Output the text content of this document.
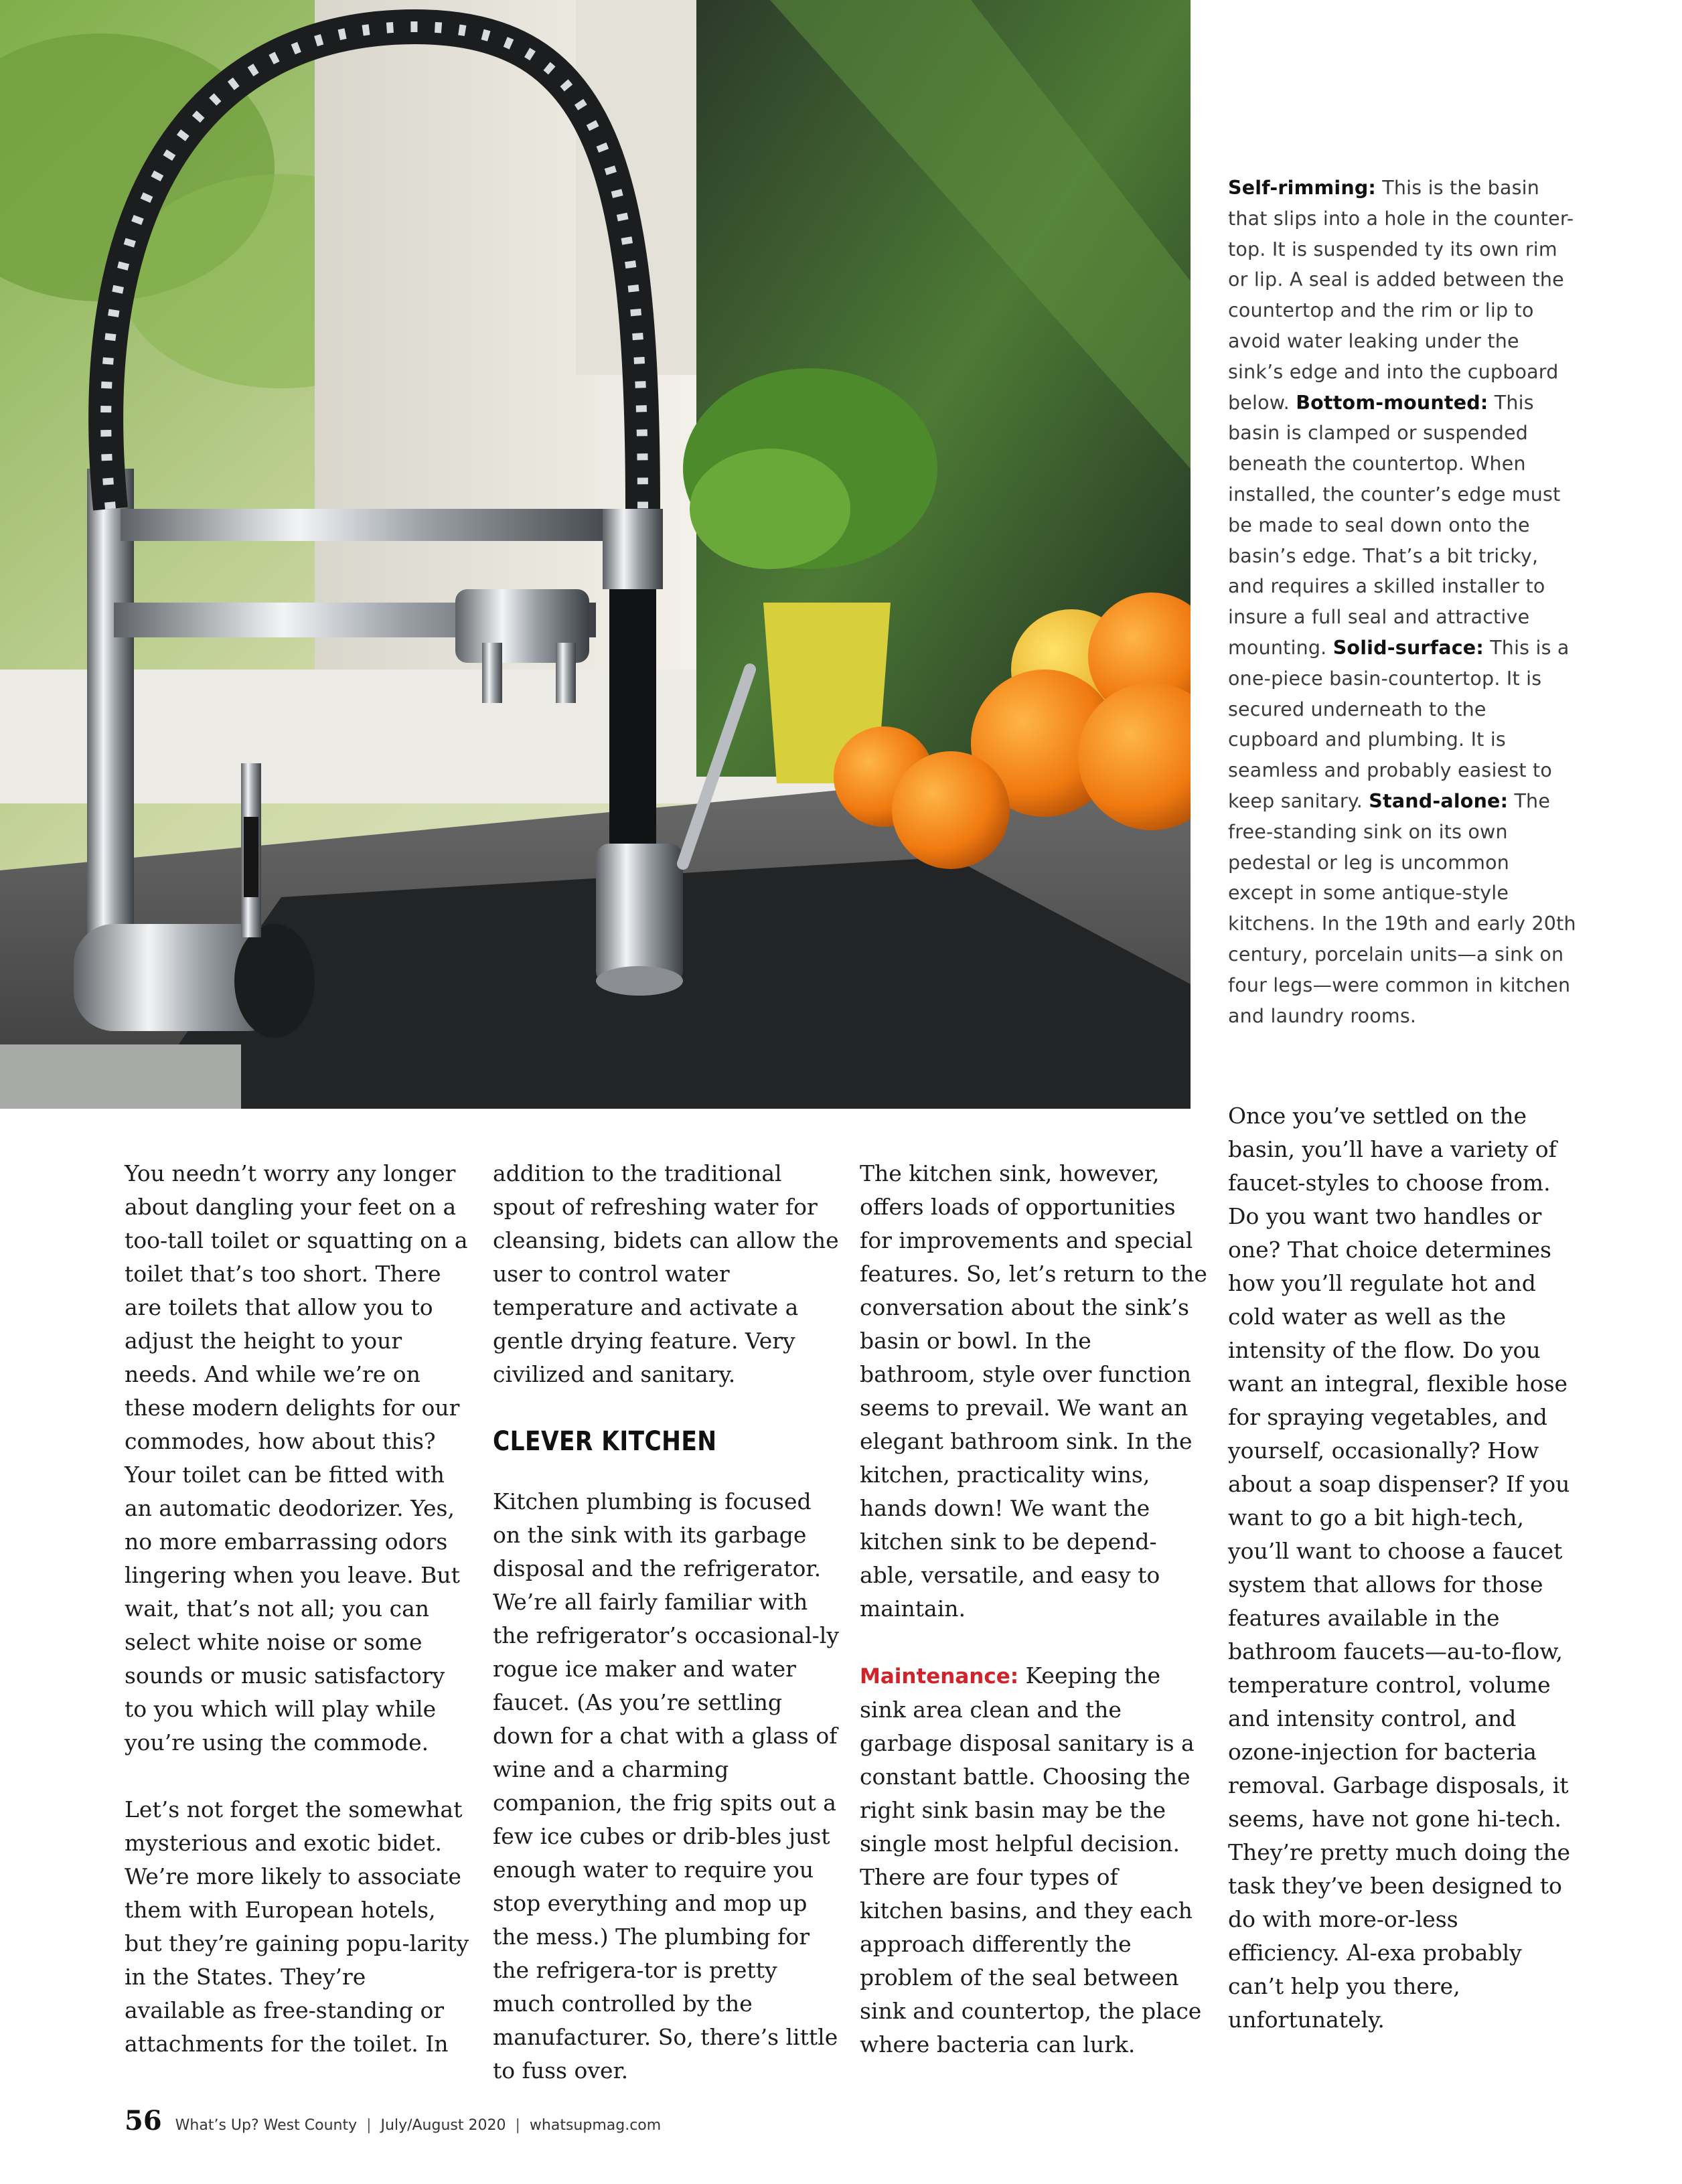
Self-rimming: This is the basin that slips into a hole in the counter-top. It is suspended ty its own rim or lip. A seal is added between the countertop and the rim or lip to avoid water leaking under the sink’s edge and into the cupboard below. Bottom-mounted: This basin is clamped or suspended beneath the countertop. When installed, the counter’s edge must be made to seal down onto the basin’s edge. That’s a bit tricky, and requires a skilled installer to insure a full seal and attractive mounting. Solid-surface: This is a one-piece basin-countertop. It is secured underneath to the cupboard and plumbing. It is seamless and probably easiest to keep sanitary. Stand-alone: The free-standing sink on its own pedestal or leg is uncommon except in some antique-style kitchens. In the 19th and early 20th century, porcelain units—a sink on four legs—were common in kitchen and laundry rooms.

You needn’t worry any longer about dangling your feet on a too-tall toilet or squatting on a toilet that’s too short. There are toilets that allow you to adjust the height to your needs. And while we’re on these modern delights for our commodes, how about this? Your toilet can be fitted with an automatic deodorizer. Yes, no more embarrassing odors lingering when you leave. But wait, that’s not all; you can select white noise or some sounds or music satisfactory to you which will play while you’re using the commode.

Let’s not forget the somewhat mysterious and exotic bidet. We’re more likely to associate them with European hotels, but they’re gaining popu-larity in the States. They’re available as free-standing or attachments for the toilet. In

addition to the traditional spout of refreshing water for cleansing, bidets can allow the user to control water temperature and activate a gentle drying feature. Very civilized and sanitary.

CLEVER KITCHEN

Kitchen plumbing is focused on the sink with its garbage disposal and the refrigerator. We’re all fairly familiar with the refrigerator’s occasional-ly rogue ice maker and water faucet. (As you’re settling down for a chat with a glass of wine and a charming companion, the frig spits out a few ice cubes or drib-bles just enough water to require you stop everything and mop up the mess.) The plumbing for the refrigera-tor is pretty much controlled by the manufacturer. So, there’s little to fuss over.

The kitchen sink, however, offers loads of opportunities for improvements and special features. So, let’s return to the conversation about the sink’s basin or bowl. In the bathroom, style over function seems to prevail. We want an elegant bathroom sink. In the kitchen, practicality wins, hands down! We want the kitchen sink to be depend-able, versatile, and easy to maintain.

Maintenance: Keeping the sink area clean and the garbage disposal sanitary is a constant battle. Choosing the right sink basin may be the single most helpful decision. There are four types of kitchen basins, and they each approach differently the problem of the seal between sink and countertop, the place where bacteria can lurk.

Once you’ve settled on the basin, you’ll have a variety of faucet-styles to choose from. Do you want two handles or one? That choice determines how you’ll regulate hot and cold water as well as the intensity of the flow. Do you want an integral, flexible hose for spraying vegetables, and yourself, occasionally? How about a soap dispenser? If you want to go a bit high-tech, you’ll want to choose a faucet system that allows for those features available in the bathroom faucets—au-to-flow, temperature control, volume and intensity control, and ozone-injection for bacteria removal. Garbage disposals, it seems, have not gone hi-tech. They’re pretty much doing the task they’ve been designed to do with more-or-less efficiency. Al-exa probably can’t help you there, unfortunately.

56 What’s Up? West County | July/August 2020 | whatsupmag.com
